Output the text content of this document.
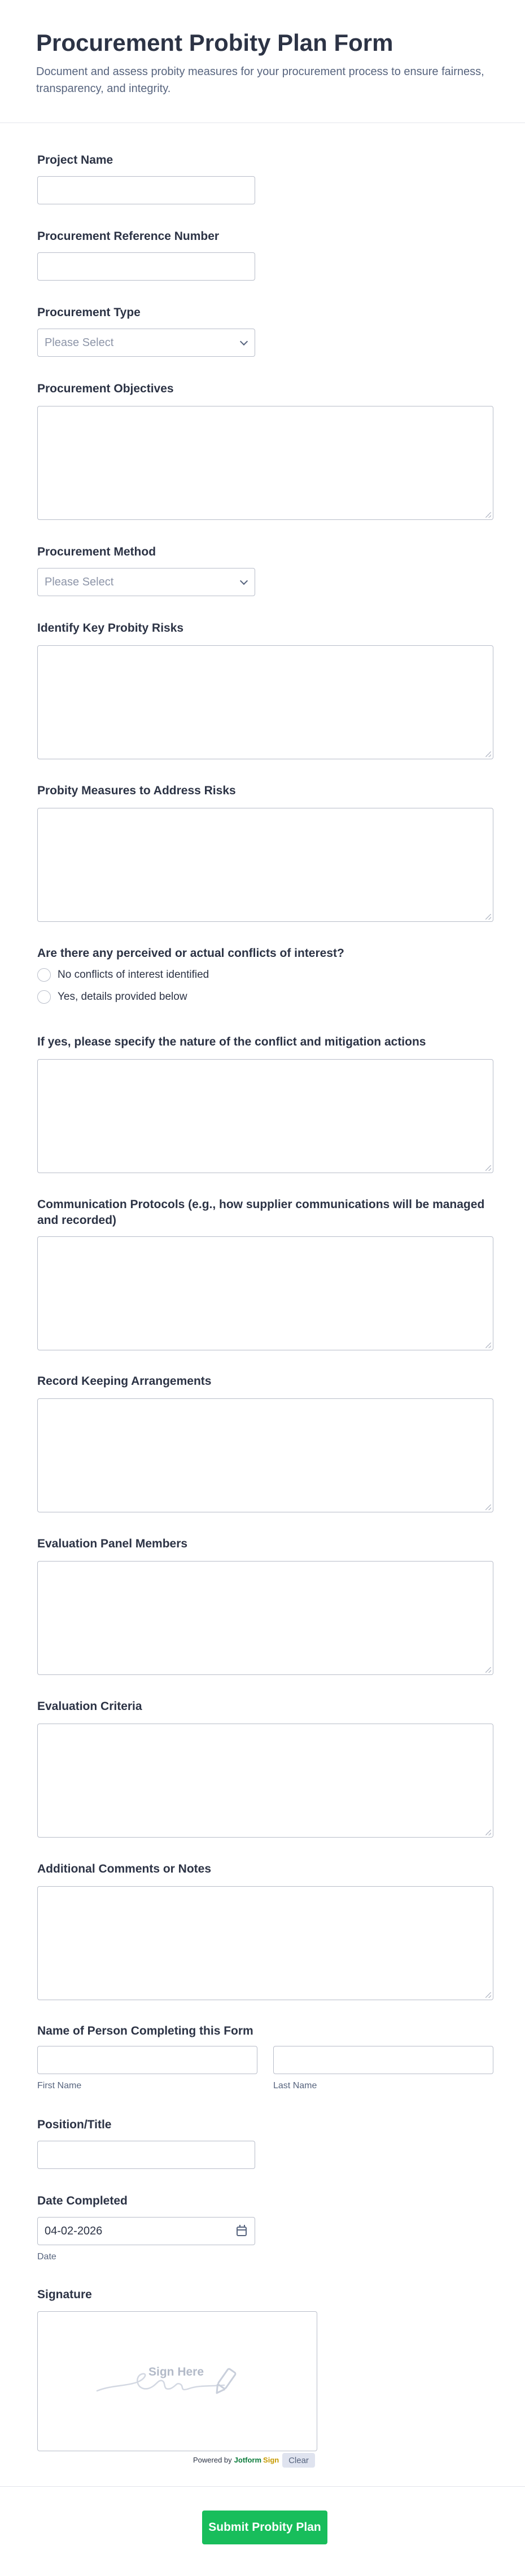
Procurement Probity Plan Form

Document and assess probity measures for your procurement process to ensure fairness, transparency, and integrity.

Project Name
Procurement Reference Number
Procurement Type
Please Select
Procurement Objectives
Procurement Method
Please Select
Identify Key Probity Risks
Probity Measures to Address Risks
Are there any perceived or actual conflicts of interest?
No conflicts of interest identified
Yes, details provided below
If yes, please specify the nature of the conflict and mitigation actions
Communication Protocols (e.g., how supplier communications will be managed and recorded)
Record Keeping Arrangements
Evaluation Panel Members
Evaluation Criteria
Additional Comments or Notes
Name of Person Completing this Form
First Name	Last Name
Position/Title
Date Completed
04-02-2026
Date
Signature
Sign Here
Powered by Jotform Sign	Clear
Submit Probity Plan
